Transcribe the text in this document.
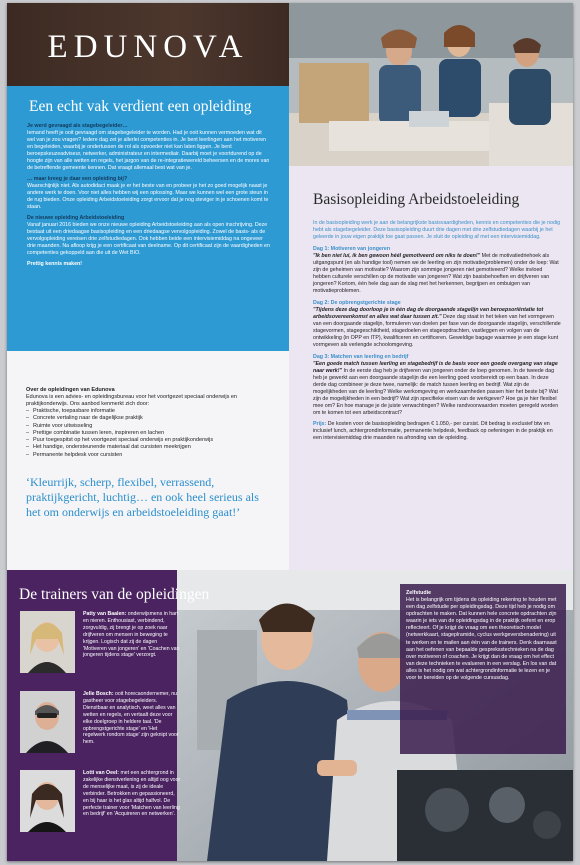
EDUNOVA
Een echt vak verdient een opleiding
Je werd gevraagd als stagebegeleider…
Iemand heeft je ooit gevraagd om stagebegeleider te worden. Had je ooit kunnen vermoeden wat dit wel van je zou vragen? Iedere dag zet je allerlei competenties in. Je bent leerlingen aan het motiveren en begeleiden, waarbij je ondertussen de rol als opvoeder niet kan laten liggen. Je bent beroepskeuzeadviseur, netwerker, administrateur en intermediair. Daarbij moet je voortdurend op de hoogte zijn van alle wetten en regels, het jargon van de re-integratiewereld beheersen en de mores van de betreffende gemeente kennen. Dat vraagt allemaal best wat van je.
… maar kreeg je daar een opleiding bij?
Waarschijnlijk niet. Als autodidact maak je er het beste van en probeer je het zo goed mogelijk naast je andere werk te doen. Voor niet alles hebben wij een oplossing. Maar we kunnen wel een grote steun in de rug bieden. Onze opleiding Arbeidstoeleiding zorgt ervoor dat je nog steviger in je schoenen komt te staan.
De nieuwe opleiding Arbeidstoeleiding
Vanaf januari 2016 bieden we onze nieuwe opleiding Arbeidstoeleiding aan als open inschrijving. Deze bestaat uit een driedaagse basisopleiding en een driedaagse vervolgopleiding. Zowel de basis- als de vervolgopleiding vereisen drie zelfstudiedagen. Ook hebben beide een intervisiemiddag na ongeveer drie maanden. Na afloop krijg je een certificaat van deelname. Op dit certificaat zijn de vaardigheden en competenties gekoppeld aan die uit de Wet BIO.
Prettig kennis maken!
Basisopleiding Arbeidstoeleiding
In de basisopleiding werk je aan de belangrijkste basisvaardigheden, kennis en competenties die je nodig hebt als stagebegeleider. Deze basisopleiding duurt drie dagen met drie zelfstudiedagen waarbij je het geleerde in jouw eigen praktijk toe gaat passen. Je sluit de opleiding af met een intervisiemiddag.
Dag 1: Motiveren van jongeren
"Ik ben niet lui, ik ben gewoon héél gemotiveerd om niks te doen!" Met de motivatiedriehoek als uitgangspunt (en als handige tool) nemen we de leerling en zijn motivatie(problemen) onder de loep: Wat zijn de geheimen van motivatie? Waarom zijn sommige jongeren niet gemotiveerd? Welke invloed hebben culturele verschillen op de motivatie van jongeren? Wat zijn basisbehoeften en drijfveren van jongeren? Kortom, één hele dag aan de slag met het herkennen, begrijpen en ombuigen van motivatieproblemen.
Dag 2: De opbrengstgerichte stage
"Tijdens deze dag doorloop je in één dag de doorgaande stagelijn van beroepsoriëntatie tot arbeidsovereenkomst en alles wat daar tussen zit." Deze dag staat in het teken van het vormgeven van een doorgaande stagelijn, formuleren van doelen per fase van de doorgaande stagelijn, verschillende stagevormen, stagegeschiktheid, stagedoelen en stageopdrachten, vastleggen en volgen van de ontwikkeling (in OPP en ITP), kwalificeren en certificeren. Geweldige bagage waarmee je een stage kunt vormgeven als verlengde schoolomgeving.
Dag 3: Matchen van leerling en bedrijf
"Een goede match tussen leerling en stagebedrijf is de basis voor een goede overgang van stage naar werk!" In de eerste dag heb je drijfveren van jongeren onder de loep genomen. In de tweede dag heb je gewerkt aan een doorgaande stagelijn die een leerling goed voorbereidt op een baan. In deze derde dag combineer je deze twee, namelijk: de match tussen leerling en bedrijf. Wat zijn de mogelijkheden van de leerling? Welke werkomgeving en werkzaamheden passen hier het beste bij? Wat zijn de mogelijkheden in een bedrijf? Wat zijn specifieke eisen van de werkgever? Hoe ga je hier flexibel mee om? En hoe manage je de juiste verwachtingen? Welke randvoorwaarden moeten geregeld worden om te komen tot een arbeidscontract?
Prijs: De kosten voor de basisopleiding bedragen € 1.050,- per cursist. Dit bedrag is exclusief btw en inclusief lunch, achtergrondinformatie, permanente helpdesk, feedback op oefeningen in de praktijk en een intervisiemiddag drie maanden na afronding van de opleiding.
Over de opleidingen van Edunova
Edunova is een advies- en opleidingsbureau voor het voortgezet speciaal onderwijs en praktijkonderwijs. Ons aanbod kenmerkt zich door:
– Praktische, toepasbare informatie
– Concrete vertaling naar de dagelijkse praktijk
– Ruimte voor uitwisseling
– Prettige combinatie tussen leren, inspireren en lachen
– Puur toegespitst op het voortgezet speciaal onderwijs en praktijkonderwijs
– Het handige, ondersteunende materiaal dat cursisten meekrijgen
– Permanente helpdesk voor cursisten
‘Kleurrijk, scherp, flexibel, verrassend, praktijkgericht, luchtig… en ook heel serieus als het om onderwijs en arbeidstoeleiding gaat!’
De trainers van de opleidingen
Patty van Baalen: onderwijsmens in hart en nieren. Enthousiast, verbindend, zorgvuldig, zij brengt je op zoek naar drijfveren om mensen in beweging te krijgen. Logisch dat zij de dagen 'Motiveren van jongeren' en 'Coachen van jongeren tijdens stage' verzorgt.
Jelle Bosch: ooit horecaondernemer, nu gastheer voor stagebegeleiders. Dienstbaar en analytisch, weet alles van wetten en regels, en vertaalt deze voor elke doelgroep in heldere taal. 'De opbrengstgerichte stage' en 'Het regelwerk rondom stage' zijn geknipt voor hem.
Lotti van Oeel: met een achtergrond in zakelijke dienstverlening en altijd oog voor de menselijke maat, is zij de ideale verbinder. Betrokken en gepassioneerd, en bij haar is het glas altijd halfvol. De perfecte trainer voor 'Matchen van leerling en bedrijf' en 'Acquireren en netwerken'.
Zelfstudie
Het is belangrijk om tijdens de opleiding rekening te houden met een dag zelfstudie per opleidingsdag. Deze tijd heb je nodig om opdrachten te maken. Dat kunnen hele concrete opdrachten zijn waarin je iets van de opleidingsdag in de praktijk oefent en erop reflecteert. Of je krijgt de vraag om een theoretisch model (netwerkkaart, stageplramide, cyclus werkgeversbenadering) uit te werken en te mailen aan één van de trainers. Denk daarnaast aan het oefenen van bepaalde gespreksstechnieken na de dag over motiveren of coachen. Je krijgt dan de vraag om het effect van deze technieken te evalueren in een verslag. En los van dat alles is het nodig om wat achtergrondinformatie te lezen en je voor te bereiden op de volgende cursusdag.
